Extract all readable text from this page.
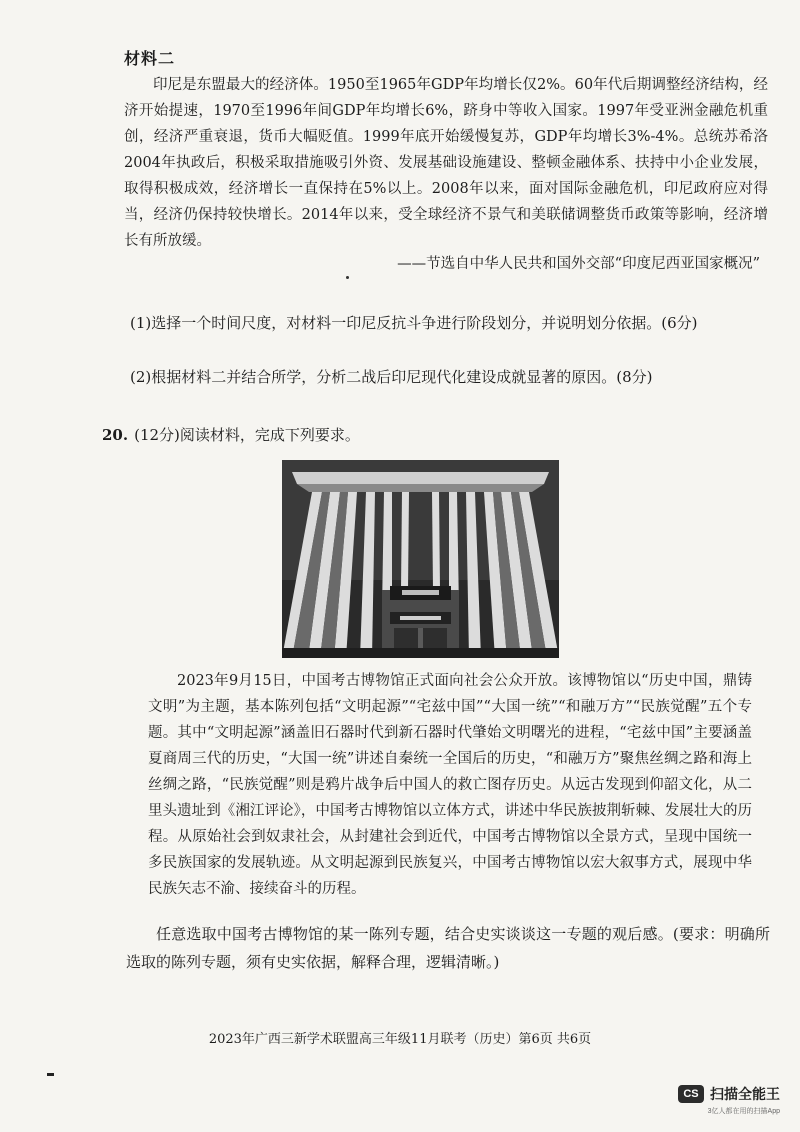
材料二

印尼是东盟最大的经济体。1950至1965年GDP年均增长仅2%。60年代后期调整经济结构，经济开始提速，1970至1996年间GDP年均增长6%，跻身中等收入国家。1997年受亚洲金融危机重创，经济严重衰退，货币大幅贬值。1999年底开始缓慢复苏，GDP年均增长3%-4%。总统苏希洛2004年执政后，积极采取措施吸引外资、发展基础设施建设、整顿金融体系、扶持中小企业发展，取得积极成效，经济增长一直保持在5%以上。2008年以来，面对国际金融危机，印尼政府应对得当，经济仍保持较快增长。2014年以来，受全球经济不景气和美联储调整货币政策等影响，经济增长有所放缓。

——节选自中华人民共和国外交部“印度尼西亚国家概况”
(1)选择一个时间尺度，对材料一印尼反抗斗争进行阶段划分，并说明划分依据。(6分)
(2)根据材料二并结合所学，分析二战后印尼现代化建设成就显著的原因。(8分)
20. (12分)阅读材料，完成下列要求。

2023年9月15日，中国考古博物馆正式面向社会公众开放。该博物馆以“历史中国，鼎铸文明”为主题，基本陈列包括“文明起源”“宅兹中国”“大国一统”“和融万方”“民族觉醒”五个专题。其中“文明起源”涵盖旧石器时代到新石器时代肇始文明曙光的进程，“宅兹中国”主要涵盖夏商周三代的历史，“大国一统”讲述自秦统一全国后的历史，“和融万方”聚焦丝绸之路和海上丝绸之路，“民族觉醒”则是鸦片战争后中国人的救亡图存历史。从远古发现到仰韶文化，从二里头遗址到《湘江评论》，中国考古博物馆以立体方式，讲述中华民族披荆斩棘、发展壮大的历程。从原始社会到奴隶社会，从封建社会到近代，中国考古博物馆以全景方式，呈现中国统一多民族国家的发展轨迹。从文明起源到民族复兴，中国考古博物馆以宏大叙事方式，展现中华民族矢志不渝、接续奋斗的历程。

任意选取中国考古博物馆的某一陈列专题，结合史实谈谈这一专题的观后感。(要求：明确所选取的陈列专题，须有史实依据，解释合理，逻辑清晰。)

2023年广西三新学术联盟高三年级11月联考（历史）第6页 共6页
CS 扫描全能王
3亿人都在用的扫描App
